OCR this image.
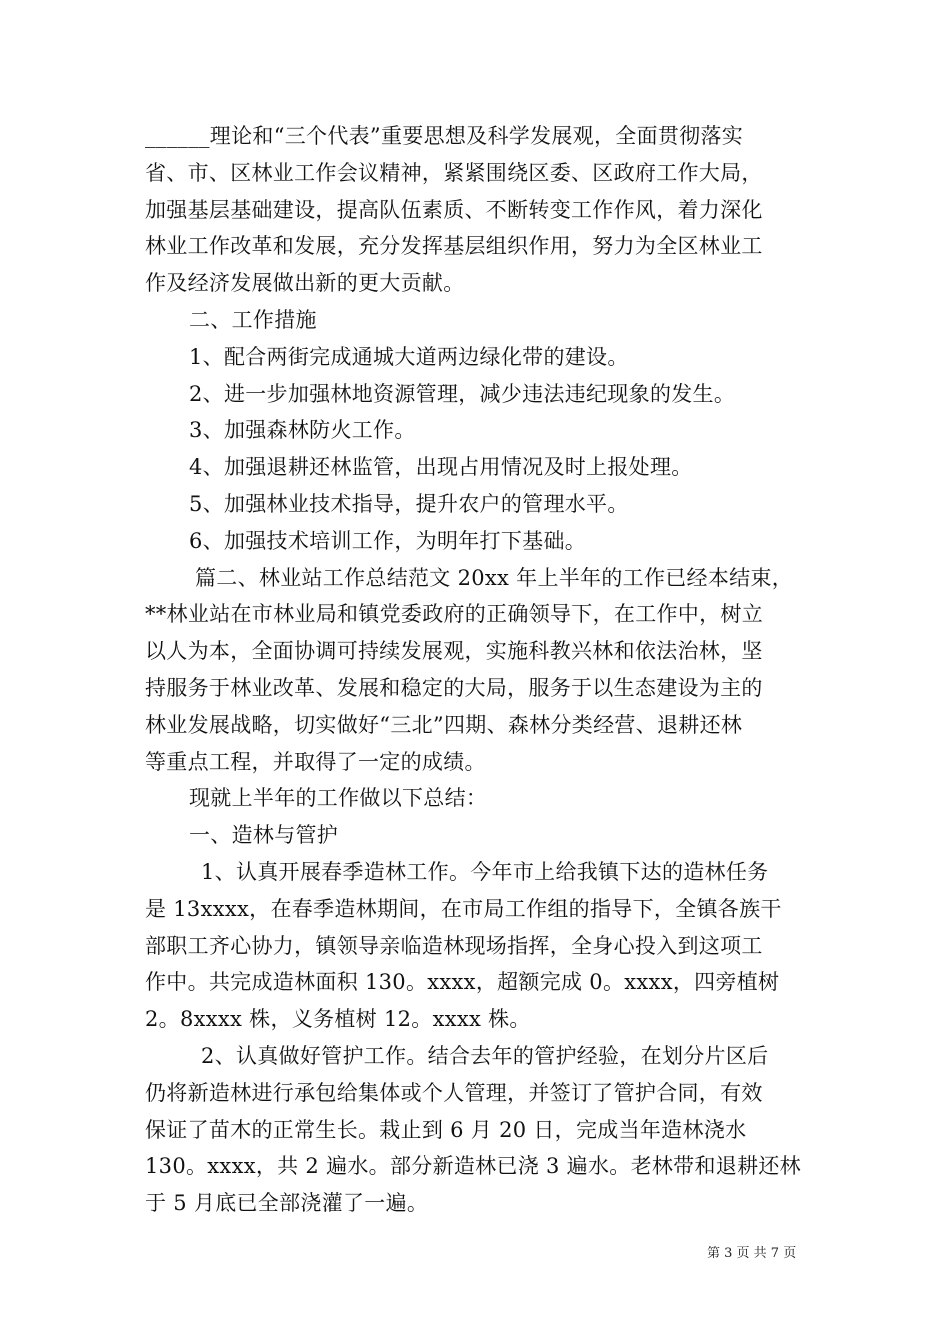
______理论和“三个代表”重要思想及科学发展观，全面贯彻落实

省、市、区林业工作会议精神，紧紧围绕区委、区政府工作大局，

加强基层基础建设，提高队伍素质、不断转变工作作风，着力深化

林业工作改革和发展，充分发挥基层组织作用，努力为全区林业工

作及经济发展做出新的更大贡献。

二、工作措施

1、配合两街完成通城大道两边绿化带的建设。

2、进一步加强林地资源管理，减少违法违纪现象的发生。

3、加强森林防火工作。

4、加强退耕还林监管，出现占用情况及时上报处理。

5、加强林业技术指导，提升农户的管理水平。

6、加强技术培训工作，为明年打下基础。

篇二、林业站工作总结范文 20xx 年上半年的工作已经本结束，

**林业站在市林业局和镇党委政府的正确领导下，在工作中，树立

以人为本，全面协调可持续发展观，实施科教兴林和依法治林，坚

持服务于林业改革、发展和稳定的大局，服务于以生态建设为主的

林业发展战略，切实做好“三北”四期、森林分类经营、退耕还林

等重点工程，并取得了一定的成绩。

现就上半年的工作做以下总结：

一、造林与管护

1、认真开展春季造林工作。今年市上给我镇下达的造林任务

是 13xxxx，在春季造林期间，在市局工作组的指导下，全镇各族干

部职工齐心协力，镇领导亲临造林现场指挥，全身心投入到这项工

作中。共完成造林面积 130。xxxx，超额完成 0。xxxx，四旁植树

2。8xxxx 株，义务植树 12。xxxx 株。

2、认真做好管护工作。结合去年的管护经验，在划分片区后

仍将新造林进行承包给集体或个人管理，并签订了管护合同，有效

保证了苗木的正常生长。栽止到 6 月 20 日，完成当年造林浇水

130。xxxx，共 2 遍水。部分新造林已浇 3 遍水。老林带和退耕还林

于 5 月底已全部浇灌了一遍。

第 3 页 共 7 页
